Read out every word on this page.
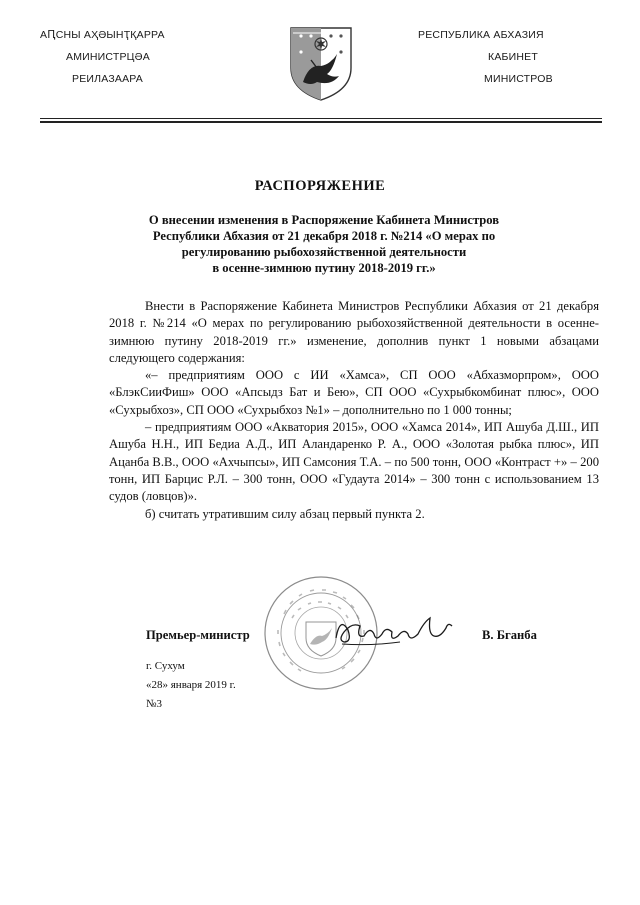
АԤСНЫ АҲӘЫНҬҚАРРА
АМИНИСТРЦӘА
РЕИЛАЗААРА
РЕСПУБЛИКА АБХАЗИЯ
КАБИНЕТ
МИНИСТРОВ
РАСПОРЯЖЕНИЕ
О внесении изменения в Распоряжение Кабинета Министров
Республики Абхазия от 21 декабря 2018 г. №214 «О мерах по
регулированию рыбохозяйственной деятельности
в осенне-зимнюю путину 2018-2019 гг.»

Внести в Распоряжение Кабинета Министров Республики Абхазия от 21 декабря 2018 г. №214 «О мерах по регулированию рыбохозяйственной деятельности в осенне-зимнюю путину 2018-2019 гг.» изменение, дополнив пункт 1 новыми абзацами следующего содержания:

«– предприятиям ООО с ИИ «Хамса», СП ООО «Абхазморпром», ООО «БлэкСииФиш» ООО «Апсыдз Бат и Бею», СП ООО «Сухрыбкомбинат плюс», ООО «Сухрыбхоз», СП ООО «Сухрыбхоз №1» – дополнительно по 1 000 тонны;

– предприятиям ООО «Акватория 2015», ООО «Хамса 2014», ИП Ашуба Д.Ш., ИП Ашуба Н.Н., ИП Бедиа А.Д., ИП Аландаренко Р. А., ООО «Золотая рыбка плюс», ИП Ацанба В.В., ООО «Ахчыпсы», ИП Самсония Т.А. – по 500 тонн, ООО «Контраст +» – 200 тонн, ИП Барцис Р.Л. – 300 тонн, ООО «Гудаута 2014» – 300 тонн с использованием 13 судов (ловцов)».

б) считать утратившим силу абзац первый пункта 2.

Премьер-министр	В. Бганба
г. Сухум
«28» января 2019 г.
№3
